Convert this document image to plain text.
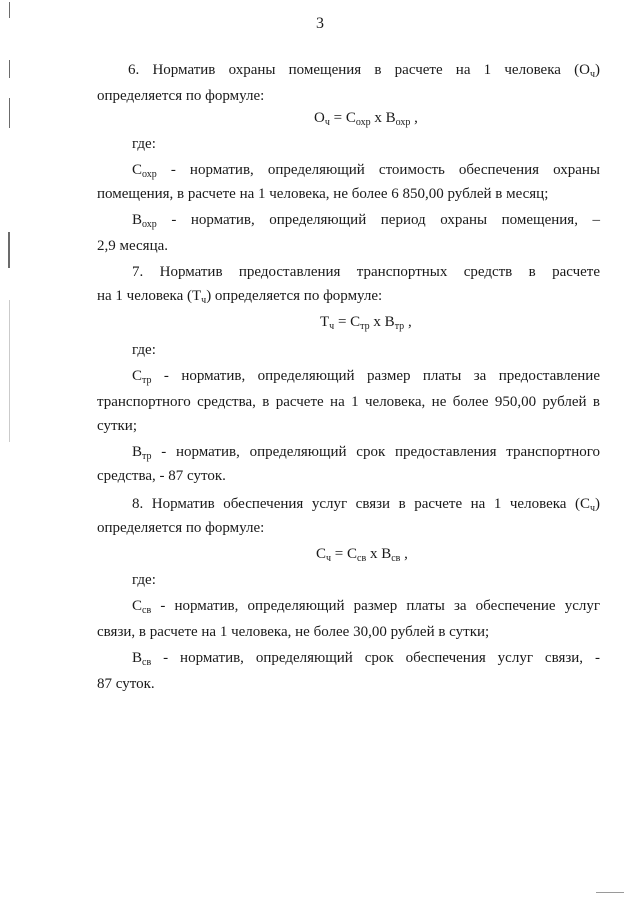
3
6. Норматив охраны помещения в расчете на 1 человека $(О_ч)$
определяется по формуле:
$О_ч = С_{охр}$ х $В_{охр}$ ,
где:
$С_{охр}$ - норматив, определяющий стоимость обеспечения охраны
помещения, в расчете на 1 человека, не более 6 850,00 рублей в месяц;
$В_{охр}$ - норматив, определяющий период охраны помещения, –
2,9 месяца.
7. Норматив предоставления транспортных средств в расчете
на 1 человека $(Т_ч)$ определяется по формуле:
$Т_ч = С_{тр}$ х $В_{тр}$ ,
где:
$С_{тр}$ - норматив, определяющий размер платы за предоставление
транспортного средства, в расчете на 1 человека, не более 950,00 рублей в
сутки;
$В_{тр}$ - норматив, определяющий срок предоставления транспортного
средства, - 87 суток.
8. Норматив обеспечения услуг связи в расчете на 1 человека $(С_ч)$
определяется по формуле:
$С_ч = С_{св}$ х $В_{св}$ ,
где:
$С_{св}$ - норматив, определяющий размер платы за обеспечение услуг
связи, в расчете на 1 человека, не более 30,00 рублей в сутки;
$В_{св}$ - норматив, определяющий срок обеспечения услуг связи, -
87 суток.
